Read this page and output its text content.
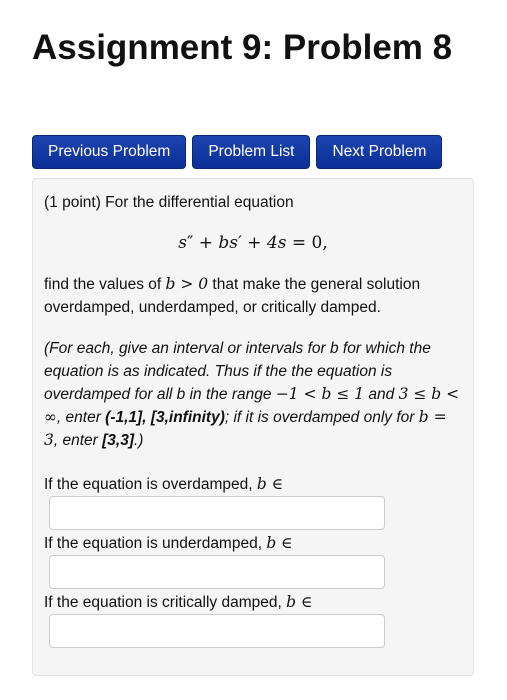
Assignment 9: Problem 8
Previous Problem	Problem List	Next Problem
(1 point) For the differential equation
s″ + bs′ + 4s = 0,
find the values of b > 0 that make the general solution overdamped, underdamped, or critically damped.
(For each, give an interval or intervals for b for which the equation is as indicated. Thus if the the equation is overdamped for all b in the range −1 < b ≤ 1 and 3 ≤ b < ∞, enter (-1,1], [3,infinity); if it is overdamped only for b = 3, enter [3,3].)
If the equation is overdamped, b ∈
If the equation is underdamped, b ∈
If the equation is critically damped, b ∈
